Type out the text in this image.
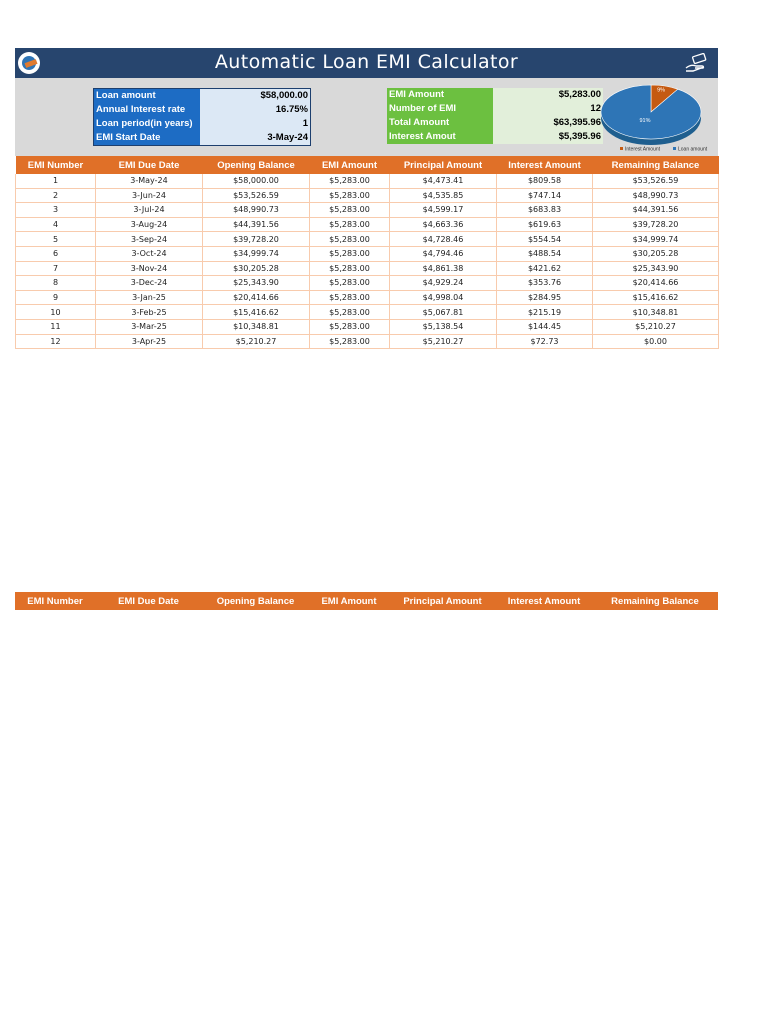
Automatic Loan EMI Calculator
Loan amount	$58,000.00
Annual Interest rate	16.75%
Loan period(in years)	1
EMI Start Date	3-May-24
EMI Amount	$5,283.00
Number of EMI	12
Total Amount	$63,395.96
Interest Amout	$5,395.96
9%
91%
Interest Amount	Loan amount
EMI Number	EMI Due Date	Opening Balance	EMI Amount	Principal Amount	Interest Amount	Remaining Balance
1	3-May-24	$58,000.00	$5,283.00	$4,473.41	$809.58	$53,526.59
2	3-Jun-24	$53,526.59	$5,283.00	$4,535.85	$747.14	$48,990.73
3	3-Jul-24	$48,990.73	$5,283.00	$4,599.17	$683.83	$44,391.56
4	3-Aug-24	$44,391.56	$5,283.00	$4,663.36	$619.63	$39,728.20
5	3-Sep-24	$39,728.20	$5,283.00	$4,728.46	$554.54	$34,999.74
6	3-Oct-24	$34,999.74	$5,283.00	$4,794.46	$488.54	$30,205.28
7	3-Nov-24	$30,205.28	$5,283.00	$4,861.38	$421.62	$25,343.90
8	3-Dec-24	$25,343.90	$5,283.00	$4,929.24	$353.76	$20,414.66
9	3-Jan-25	$20,414.66	$5,283.00	$4,998.04	$284.95	$15,416.62
10	3-Feb-25	$15,416.62	$5,283.00	$5,067.81	$215.19	$10,348.81
11	3-Mar-25	$10,348.81	$5,283.00	$5,138.54	$144.45	$5,210.27
12	3-Apr-25	$5,210.27	$5,283.00	$5,210.27	$72.73	$0.00
EMI Number	EMI Due Date	Opening Balance	EMI Amount	Principal Amount	Interest Amount	Remaining Balance
